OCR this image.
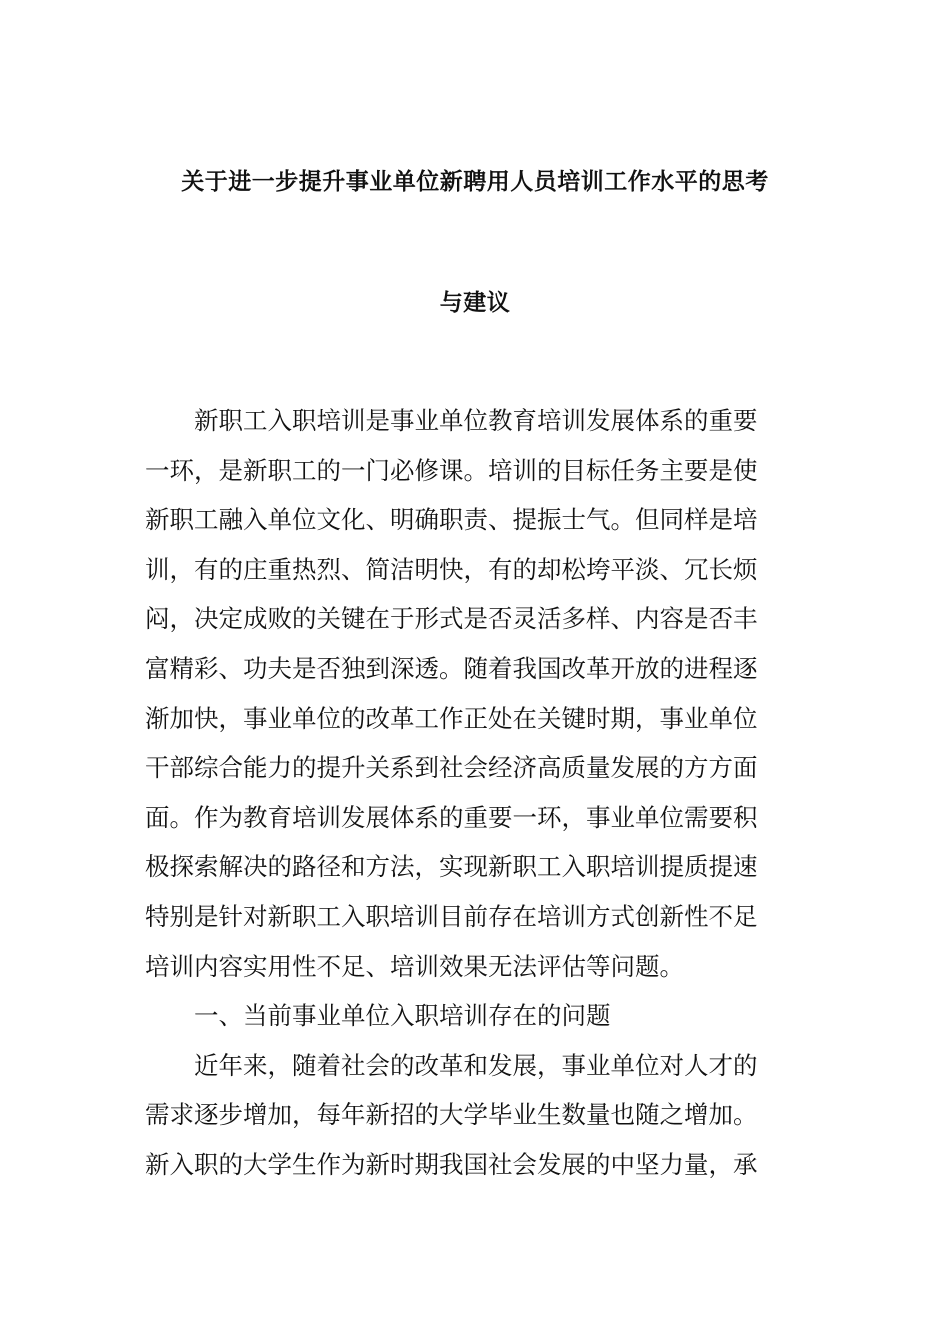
关于进一步提升事业单位新聘用人员培训工作水平的思考
与建议
新职工入职培训是事业单位教育培训发展体系的重要
一环，是新职工的一门必修课。培训的目标任务主要是使
新职工融入单位文化、明确职责、提振士气。但同样是培
训，有的庄重热烈、简洁明快，有的却松垮平淡、冗长烦
闷，决定成败的关键在于形式是否灵活多样、内容是否丰
富精彩、功夫是否独到深透。随着我国改革开放的进程逐
渐加快，事业单位的改革工作正处在关键时期，事业单位
干部综合能力的提升关系到社会经济高质量发展的方方面
面。作为教育培训发展体系的重要一环，事业单位需要积
极探索解决的路径和方法，实现新职工入职培训提质提速
特别是针对新职工入职培训目前存在培训方式创新性不足
培训内容实用性不足、培训效果无法评估等问题。
一、当前事业单位入职培训存在的问题
近年来，随着社会的改革和发展，事业单位对人才的
需求逐步增加，每年新招的大学毕业生数量也随之增加。
新入职的大学生作为新时期我国社会发展的中坚力量，承
